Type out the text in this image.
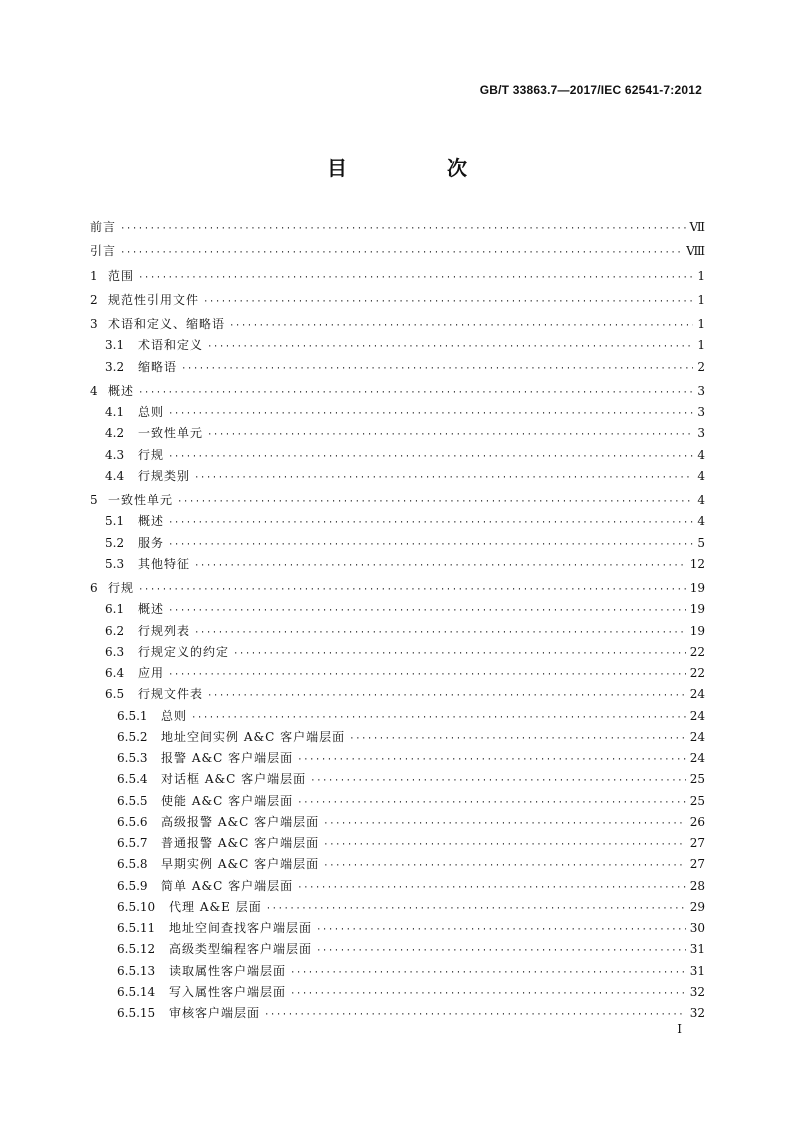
GB/T 33863.7—2017/IEC 62541-7:2012
目　次
前言 ·····	Ⅶ
引言 ·····	Ⅷ
1 范围 ·····	1
2 规范性引用文件 ·····	1
3 术语和定义、缩略语 ·····	1
3.1	术语和定义 ·····	1
3.2	缩略语 ·····	2
4 概述 ·····	3
4.1	总则 ·····	3
4.2	一致性单元 ·····	3
4.3	行规 ·····	4
4.4	行规类别 ·····	4
5 一致性单元 ·····	4
5.1	概述 ·····	4
5.2	服务 ·····	5
5.3	其他特征 ·····	12
6 行规 ·····	19
6.1	概述 ·····	19
6.2	行规列表 ·····	19
6.3	行规定义的约定 ·····	22
6.4	应用 ·····	22
6.5	行规文件表 ·····	24
6.5.1	总则 ·····	24
6.5.2	地址空间实例 A&C 客户端层面 ·····	24
6.5.3	报警 A&C 客户端层面 ·····	24
6.5.4	对话框 A&C 客户端层面 ·····	25
6.5.5	使能 A&C 客户端层面 ·····	25
6.5.6	高级报警 A&C 客户端层面 ·····	26
6.5.7	普通报警 A&C 客户端层面 ·····	27
6.5.8	早期实例 A&C 客户端层面 ·····	27
6.5.9	简单 A&C 客户端层面 ·····	28
6.5.10	代理 A&E 层面 ·····	29
6.5.11	地址空间查找客户端层面 ·····	30
6.5.12	高级类型编程客户端层面 ·····	31
6.5.13	读取属性客户端层面 ·····	31
6.5.14	写入属性客户端层面 ·····	32
6.5.15	审核客户端层面 ·····	32
I
